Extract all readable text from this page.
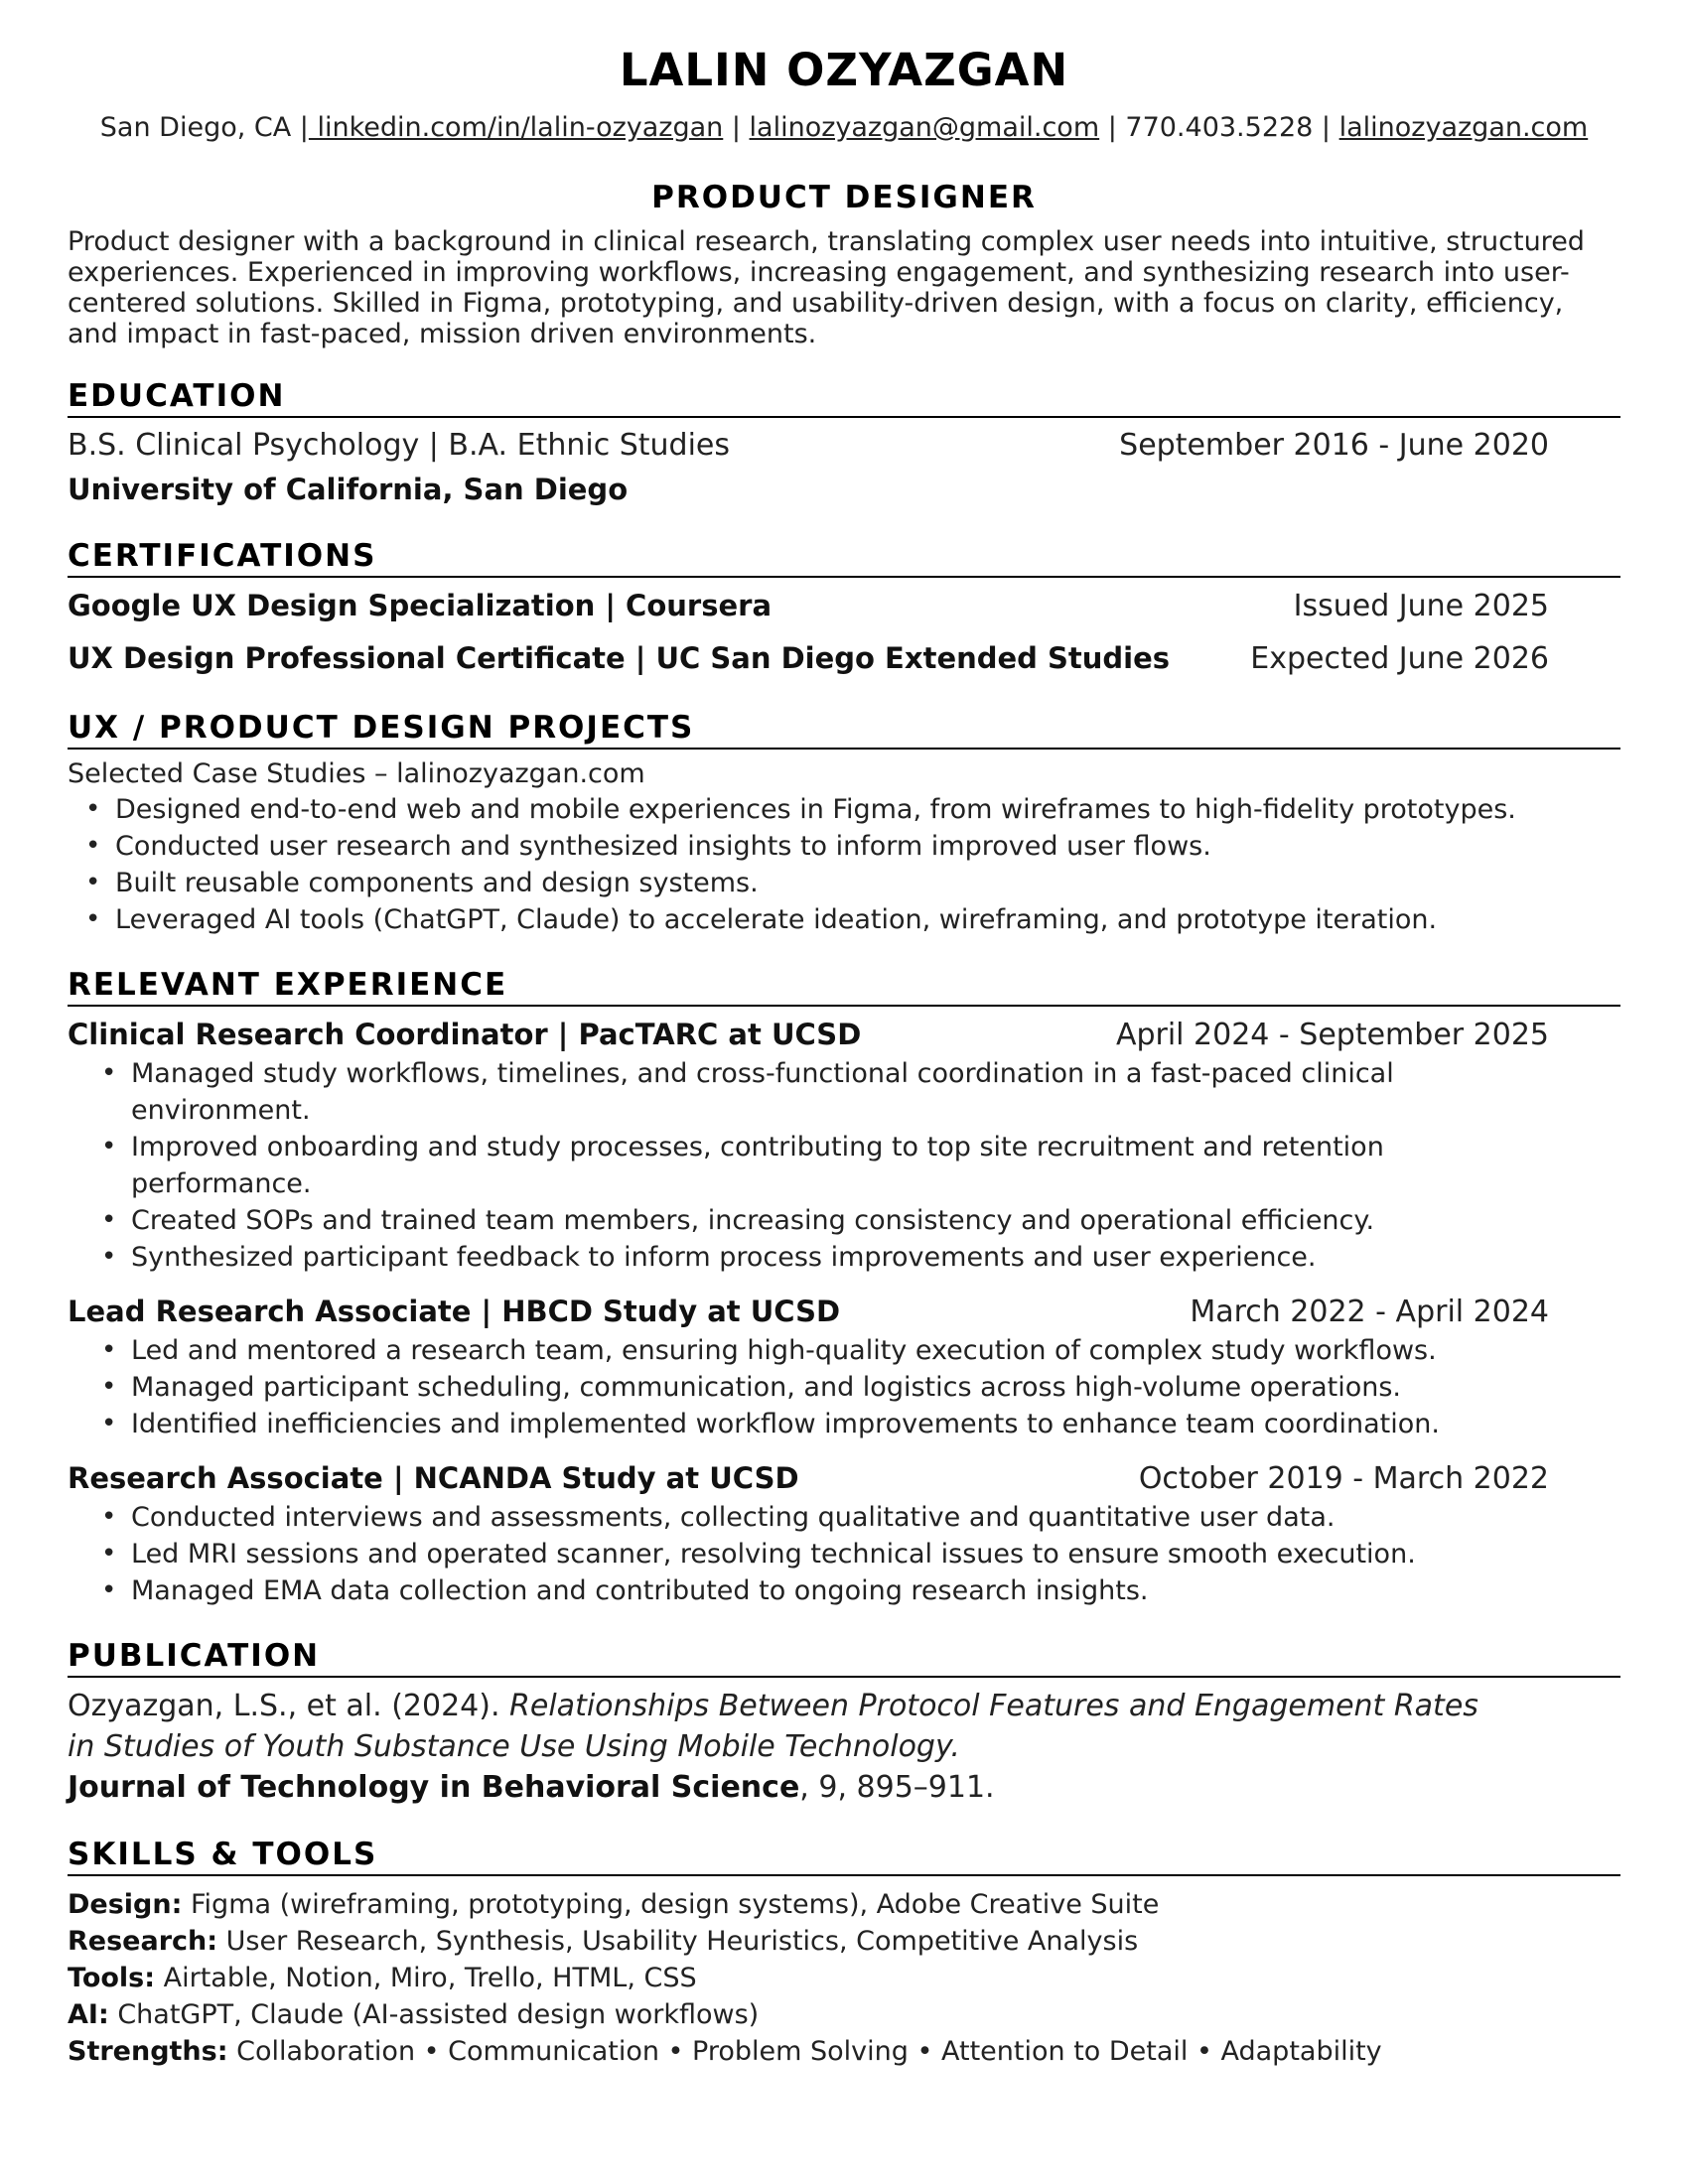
LALIN OZYAZGAN
San Diego, CA | linkedin.com/in/lalin-ozyazgan | lalinozyazgan@gmail.com | 770.403.5228 | lalinozyazgan.com
PRODUCT DESIGNER
Product designer with a background in clinical research, translating complex user needs into intuitive, structured experiences. Experienced in improving workflows, increasing engagement, and synthesizing research into user-centered solutions. Skilled in Figma, prototyping, and usability-driven design, with a focus on clarity, efficiency, and impact in fast-paced, mission driven environments.
EDUCATION
B.S. Clinical Psychology | B.A. Ethnic Studies	September 2016 - June 2020
University of California, San Diego
CERTIFICATIONS
Google UX Design Specialization | Coursera	Issued June 2025
UX Design Professional Certificate | UC San Diego Extended Studies	Expected June 2026
UX / PRODUCT DESIGN PROJECTS
Selected Case Studies – lalinozyazgan.com
• Designed end-to-end web and mobile experiences in Figma, from wireframes to high-fidelity prototypes.
• Conducted user research and synthesized insights to inform improved user flows.
• Built reusable components and design systems.
• Leveraged AI tools (ChatGPT, Claude) to accelerate ideation, wireframing, and prototype iteration.
RELEVANT EXPERIENCE
Clinical Research Coordinator | PacTARC at UCSD	April 2024 - September 2025
• Managed study workflows, timelines, and cross-functional coordination in a fast-paced clinical environment.
• Improved onboarding and study processes, contributing to top site recruitment and retention performance.
• Created SOPs and trained team members, increasing consistency and operational efficiency.
• Synthesized participant feedback to inform process improvements and user experience.
Lead Research Associate | HBCD Study at UCSD	March 2022 - April 2024
• Led and mentored a research team, ensuring high-quality execution of complex study workflows.
• Managed participant scheduling, communication, and logistics across high-volume operations.
• Identified inefficiencies and implemented workflow improvements to enhance team coordination.
Research Associate | NCANDA Study at UCSD	October 2019 - March 2022
• Conducted interviews and assessments, collecting qualitative and quantitative user data.
• Led MRI sessions and operated scanner, resolving technical issues to ensure smooth execution.
• Managed EMA data collection and contributed to ongoing research insights.
PUBLICATION
Ozyazgan, L.S., et al. (2024). Relationships Between Protocol Features and Engagement Rates in Studies of Youth Substance Use Using Mobile Technology.
Journal of Technology in Behavioral Science, 9, 895–911.
SKILLS & TOOLS
Design: Figma (wireframing, prototyping, design systems), Adobe Creative Suite
Research: User Research, Synthesis, Usability Heuristics, Competitive Analysis
Tools: Airtable, Notion, Miro, Trello, HTML, CSS
AI: ChatGPT, Claude (AI-assisted design workflows)
Strengths: Collaboration • Communication • Problem Solving • Attention to Detail • Adaptability
